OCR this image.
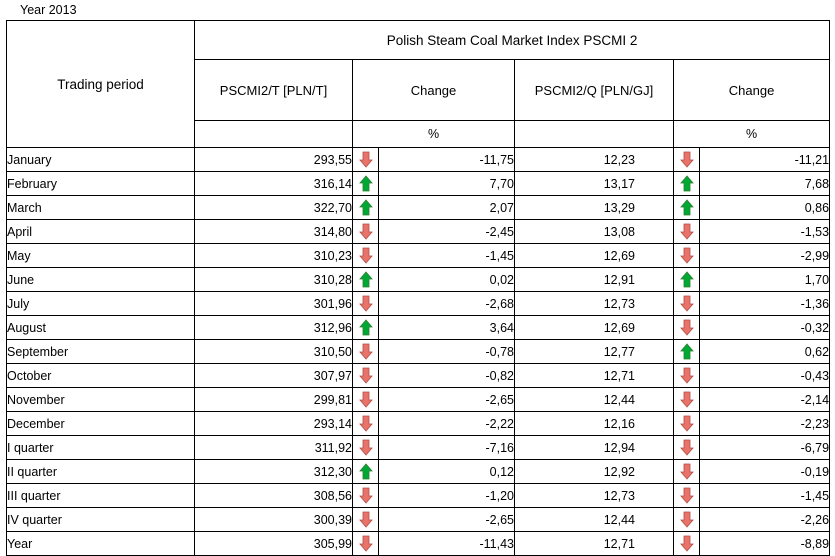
Year 2013
Trading period	Polish Steam Coal Market Index PSCMI 2					
	PSCMI2/T [PLN/T]	Change		PSCMI2/Q [PLN/GJ]	Change	
		%			%	
January	293,55		-11,75	12,23		-11,21
February	316,14		7,70	13,17		7,68
March	322,70		2,07	13,29		0,86
April	314,80		-2,45	13,08		-1,53
May	310,23		-1,45	12,69		-2,99
June	310,28		0,02	12,91		1,70
July	301,96		-2,68	12,73		-1,36
August	312,96		3,64	12,69		-0,32
September	310,50		-0,78	12,77		0,62
October	307,97		-0,82	12,71		-0,43
November	299,81		-2,65	12,44		-2,14
December	293,14		-2,22	12,16		-2,23
I quarter	311,92		-7,16	12,94		-6,79
II quarter	312,30		0,12	12,92		-0,19
III quarter	308,56		-1,20	12,73		-1,45
IV quarter	300,39		-2,65	12,44		-2,26
Year	305,99		-11,43	12,71		-8,89
